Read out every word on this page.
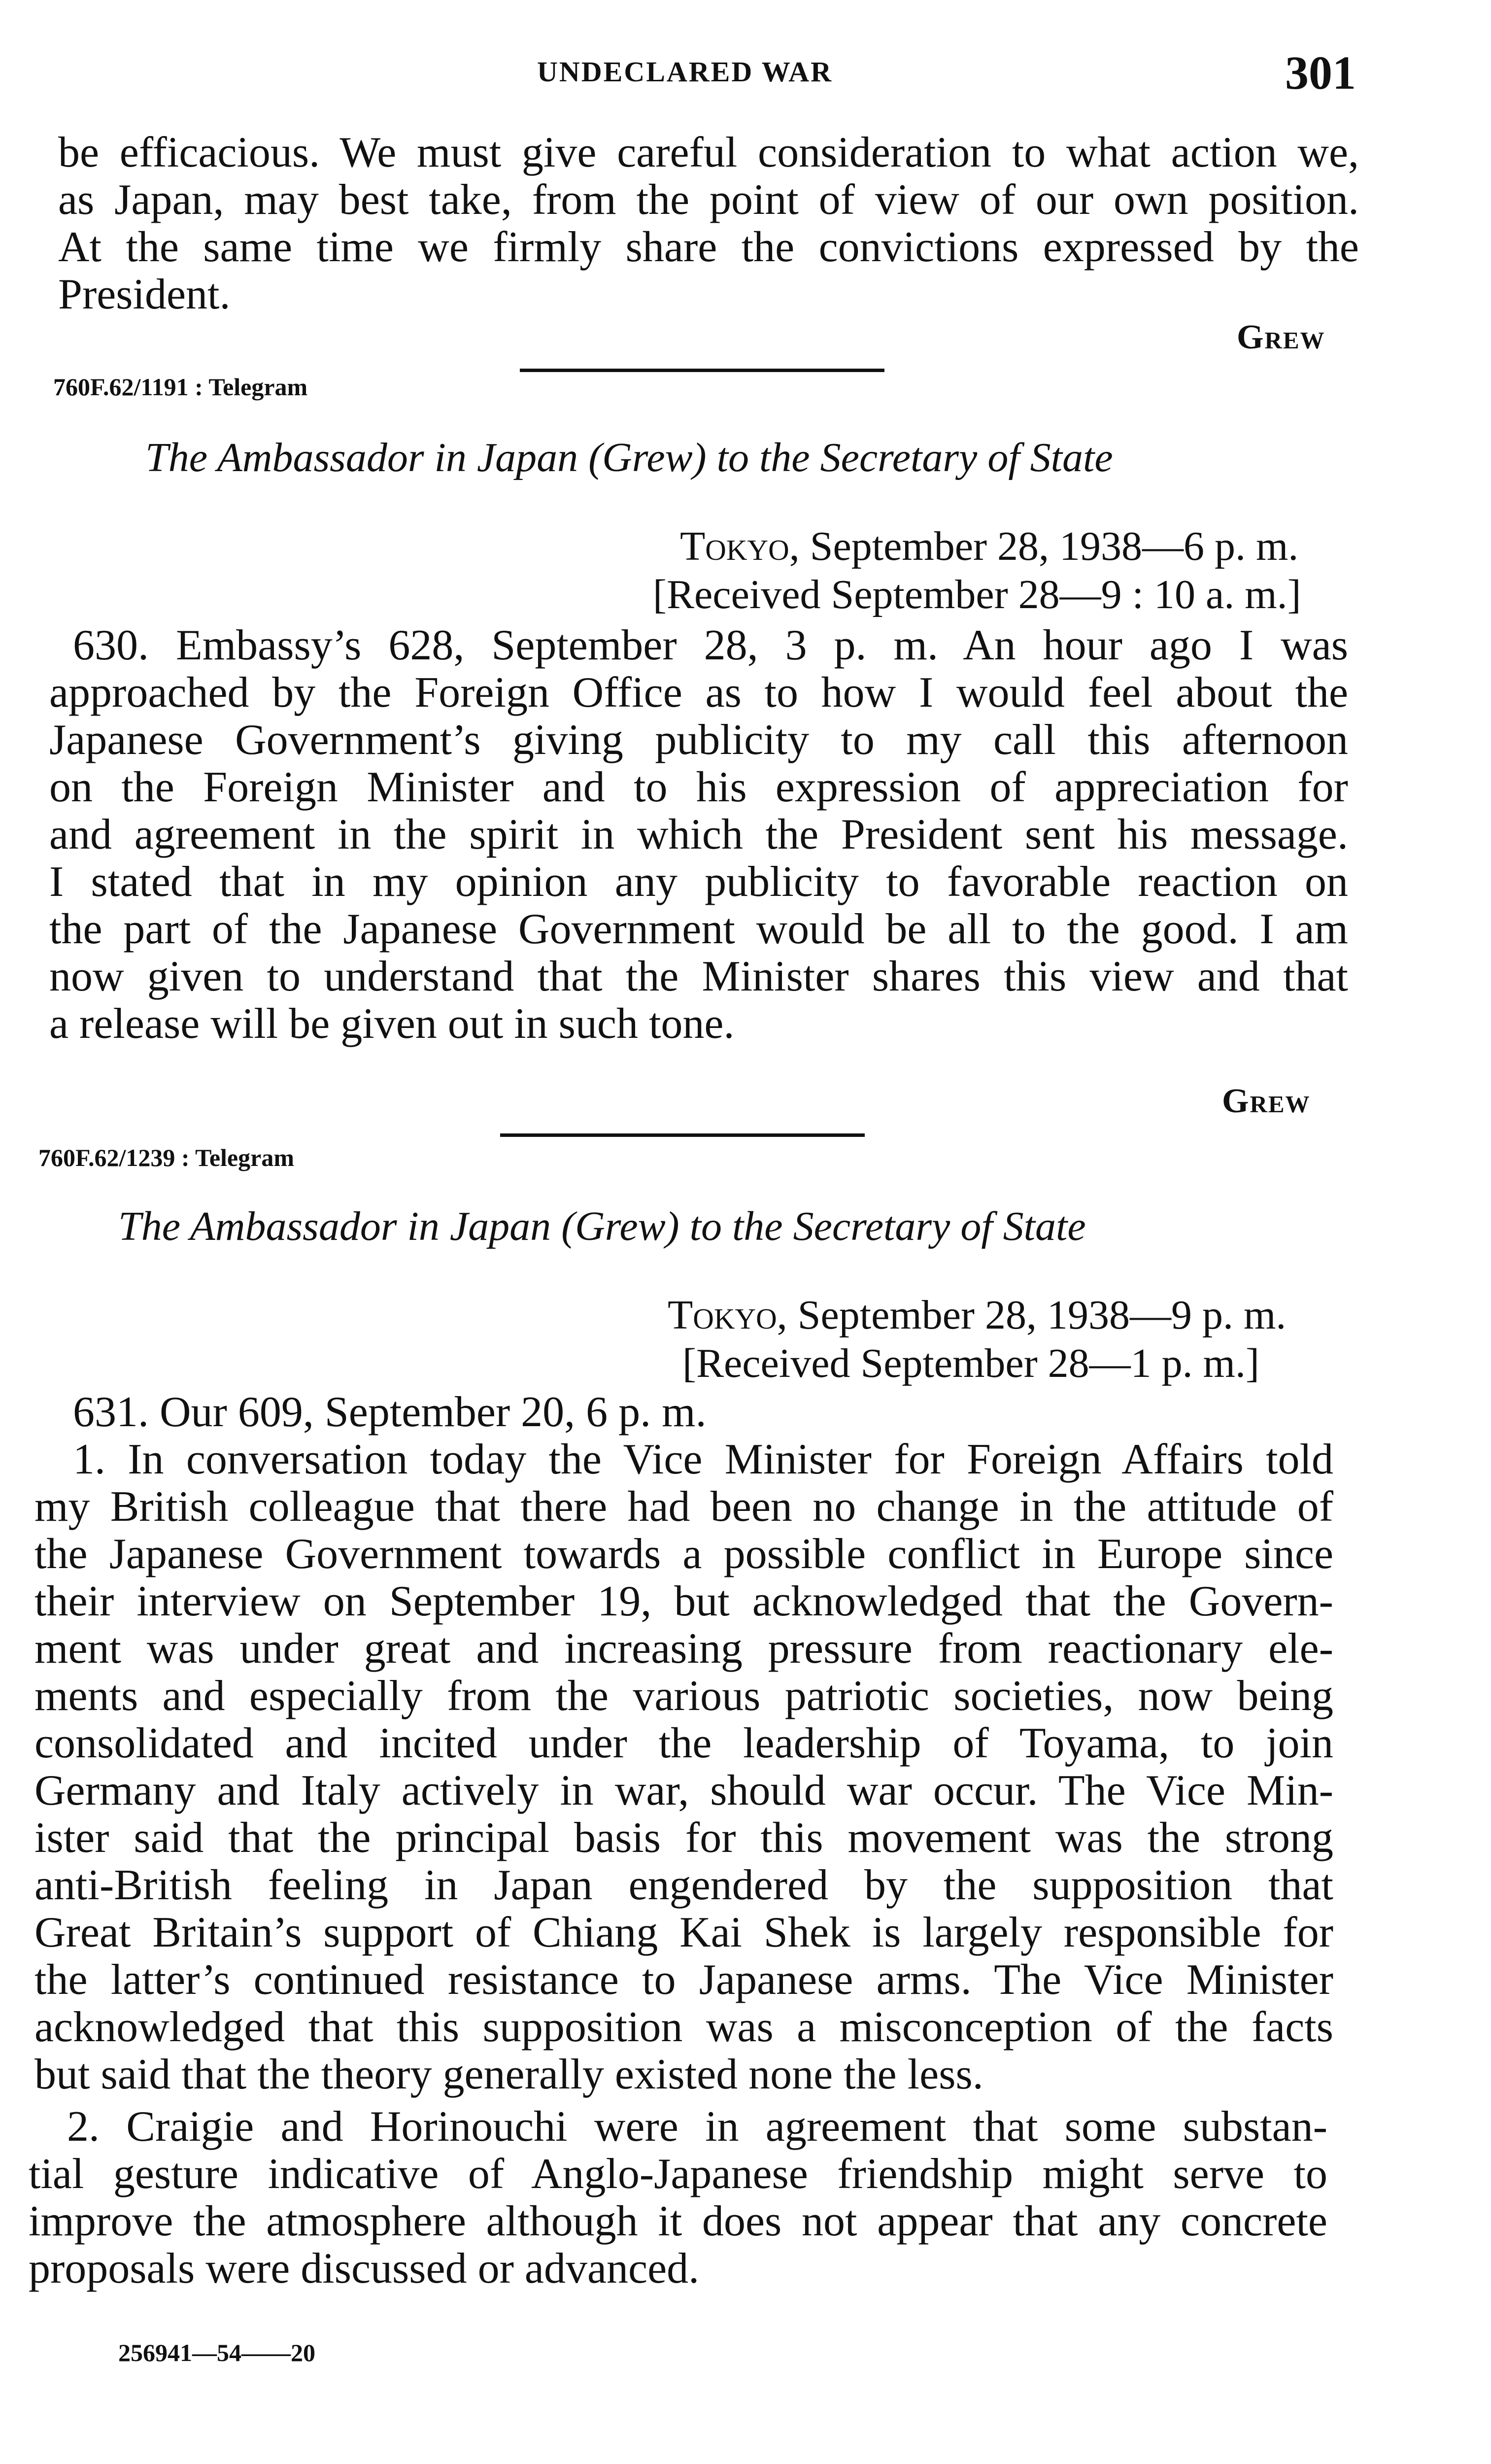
UNDECLARED WAR	301
be efficacious. We must give careful consideration to what action we,
as Japan, may best take, from the point of view of our own position.
At the same time we firmly share the convictions expressed by the
President.
Grew
760F.62/1191 : Telegram
The Ambassador in Japan (Grew) to the Secretary of State
Tokyo, September 28, 1938—6 p. m.
[Received September 28—9 : 10 a. m.]
630. Embassy’s 628, September 28, 3 p. m. An hour ago I was
approached by the Foreign Office as to how I would feel about the
Japanese Government’s giving publicity to my call this afternoon
on the Foreign Minister and to his expression of appreciation for
and agreement in the spirit in which the President sent his message.
I stated that in my opinion any publicity to favorable reaction on
the part of the Japanese Government would be all to the good. I am
now given to understand that the Minister shares this view and that
a release will be given out in such tone.
Grew
760F.62/1239 : Telegram
The Ambassador in Japan (Grew) to the Secretary of State
Tokyo, September 28, 1938—9 p. m.
[Received September 28—1 p. m.]
631. Our 609, September 20, 6 p. m.
1. In conversation today the Vice Minister for Foreign Affairs told
my British colleague that there had been no change in the attitude of
the Japanese Government towards a possible conflict in Europe since
their interview on September 19, but acknowledged that the Govern-
ment was under great and increasing pressure from reactionary ele-
ments and especially from the various patriotic societies, now being
consolidated and incited under the leadership of Toyama, to join
Germany and Italy actively in war, should war occur. The Vice Min-
ister said that the principal basis for this movement was the strong
anti-British feeling in Japan engendered by the supposition that
Great Britain’s support of Chiang Kai Shek is largely responsible for
the latter’s continued resistance to Japanese arms. The Vice Minister
acknowledged that this supposition was a misconception of the facts
but said that the theory generally existed none the less.
2. Craigie and Horinouchi were in agreement that some substan-
tial gesture indicative of Anglo-Japanese friendship might serve to
improve the atmosphere although it does not appear that any concrete
proposals were discussed or advanced.
256941—54——20
